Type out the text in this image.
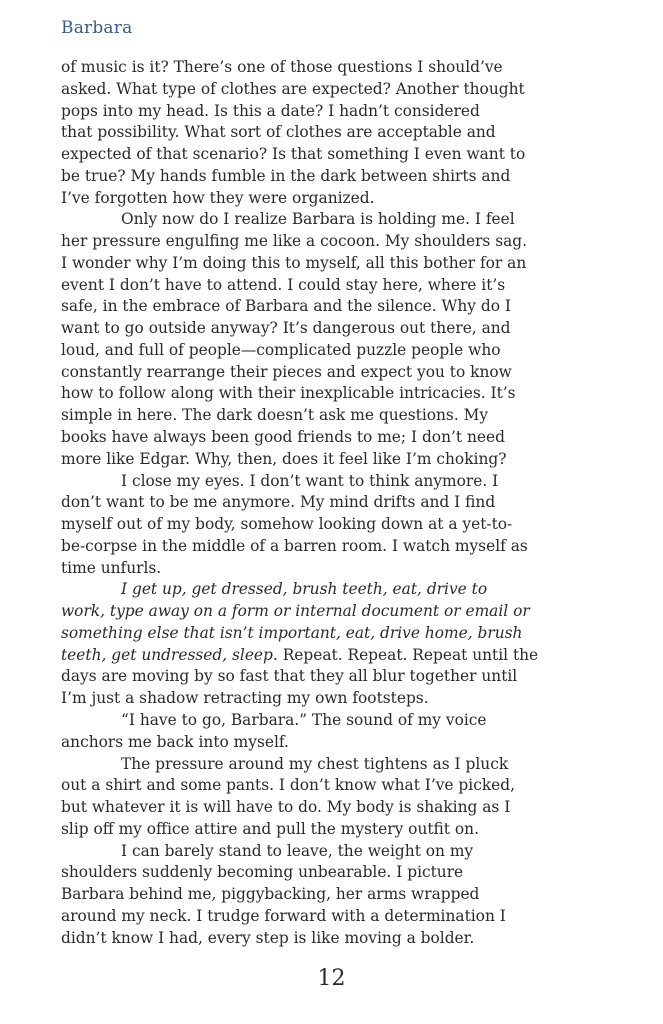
Barbara
of music is it? There’s one of those questions I should’ve
asked. What type of clothes are expected? Another thought
pops into my head. Is this a date? I hadn’t considered
that possibility. What sort of clothes are acceptable and
expected of that scenario? Is that something I even want to
be true? My hands fumble in the dark between shirts and
I’ve forgotten how they were organized.
Only now do I realize Barbara is holding me. I feel
her pressure engulfing me like a cocoon. My shoulders sag.
I wonder why I’m doing this to myself, all this bother for an
event I don’t have to attend. I could stay here, where it’s
safe, in the embrace of Barbara and the silence. Why do I
want to go outside anyway? It’s dangerous out there, and
loud, and full of people—complicated puzzle people who
constantly rearrange their pieces and expect you to know
how to follow along with their inexplicable intricacies. It’s
simple in here. The dark doesn’t ask me questions. My
books have always been good friends to me; I don’t need
more like Edgar. Why, then, does it feel like I’m choking?
I close my eyes. I don’t want to think anymore. I
don’t want to be me anymore. My mind drifts and I find
myself out of my body, somehow looking down at a yet-to-
be-corpse in the middle of a barren room. I watch myself as
time unfurls.
I get up, get dressed, brush teeth, eat, drive to
work, type away on a form or internal document or email or
something else that isn’t important, eat, drive home, brush
teeth, get undressed, sleep. Repeat. Repeat. Repeat until the
days are moving by so fast that they all blur together until
I’m just a shadow retracting my own footsteps.
“I have to go, Barbara.” The sound of my voice
anchors me back into myself.
The pressure around my chest tightens as I pluck
out a shirt and some pants. I don’t know what I’ve picked,
but whatever it is will have to do. My body is shaking as I
slip off my office attire and pull the mystery outfit on.
I can barely stand to leave, the weight on my
shoulders suddenly becoming unbearable. I picture
Barbara behind me, piggybacking, her arms wrapped
around my neck. I trudge forward with a determination I
didn’t know I had, every step is like moving a bolder.
12
